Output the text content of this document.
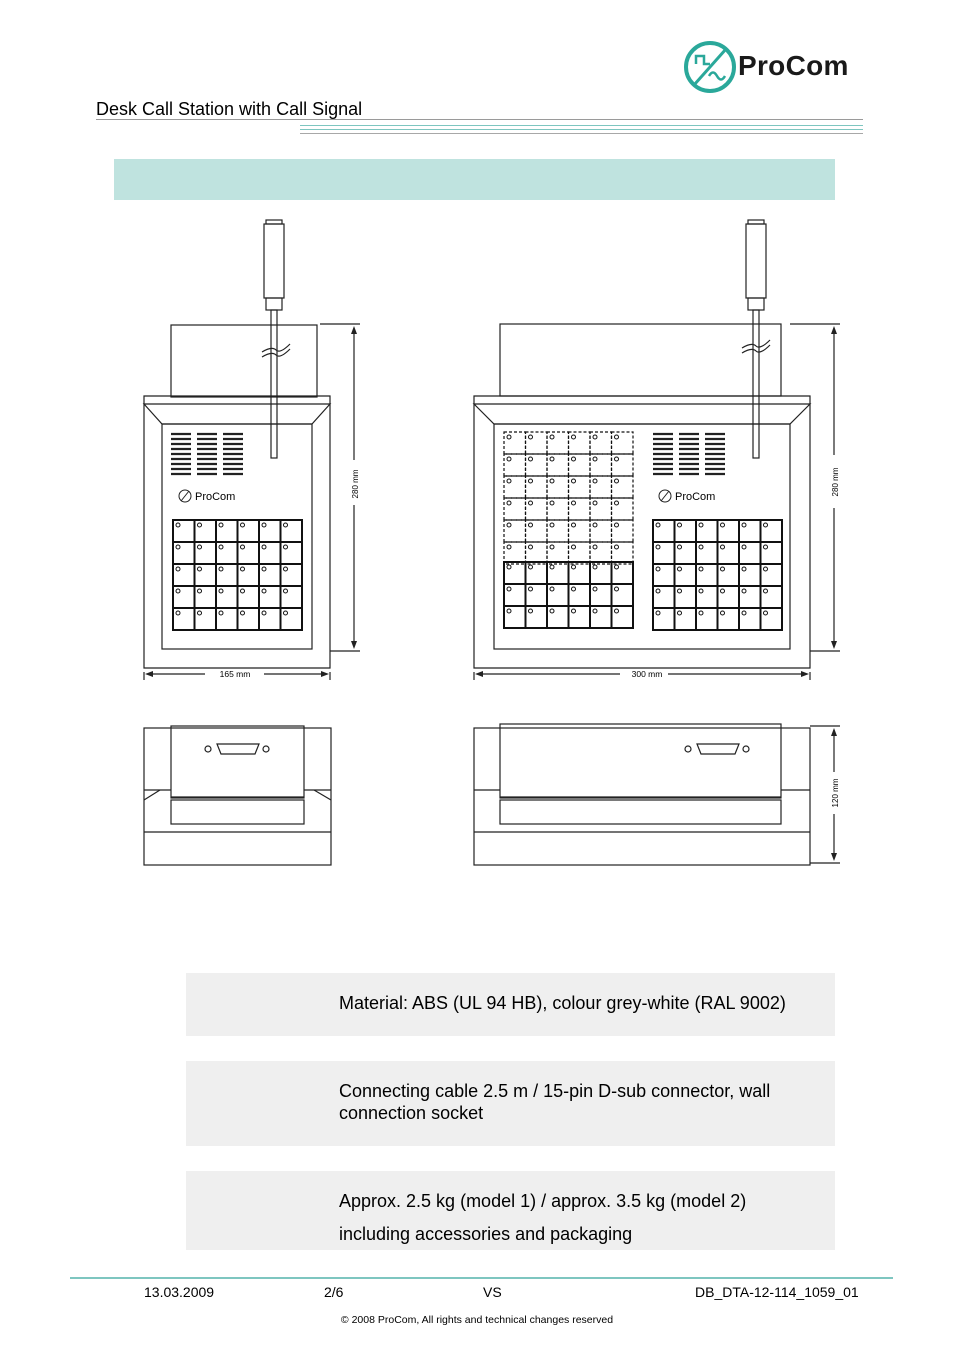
Desk Call Station with Call Signal
ProCom
280 mm
165 mm
ProCom
280 mm
300 mm
ProCom
120 mm
Material: ABS (UL 94 HB), colour grey-white (RAL 9002)
Connecting cable 2.5 m / 15-pin D-sub connector, wall
connection socket
Approx. 2.5 kg (model 1) / approx. 3.5 kg (model 2)
including accessories and packaging
13.03.2009	2/6	VS	DB_DTA-12-114_1059_01
© 2008 ProCom, All rights and technical changes reserved
